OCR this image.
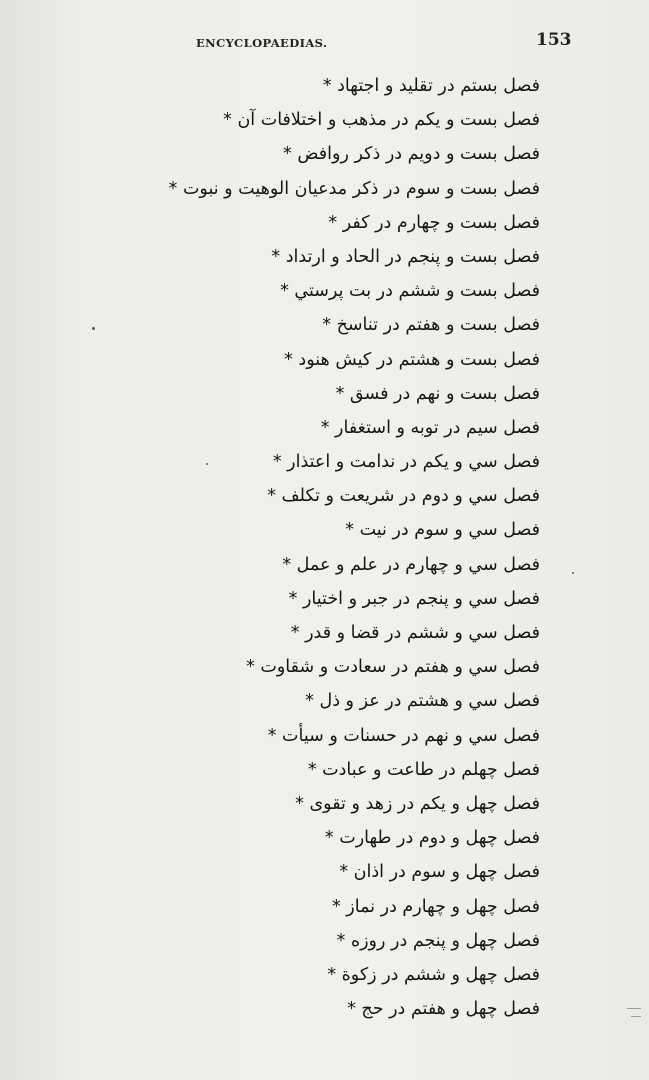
ENCYCLOPAEDIAS.	153
فصل بستم در تقليد و اجتهاد *
فصل بست و يكم در مذهب و اختلافات آن *
فصل بست و دويم در ذكر روافض *
فصل بست و سوم در ذكر مدعيان الوهيت و نبوت *
فصل بست و چهارم در كفر *
فصل بست و پنجم در الحاد و ارتداد *
فصل بست و ششم در بت پرستي *
فصل بست و هفتم در تناسخ *
فصل بست و هشتم در كيش هنود *
فصل بست و نهم در فسق *
فصل سيم در توبه و استغفار *
فصل سي و يكم در ندامت و اعتذار *
فصل سي و دوم در شريعت و تكلف *
فصل سي و سوم در نيت *
فصل سي و چهارم در علم و عمل *
فصل سي و پنجم در جبر و اختيار *
فصل سي و ششم در قضا و قدر *
فصل سي و هفتم در سعادت و شقاوت *
فصل سي و هشتم در عز و ذل *
فصل سي و نهم در حسنات و سيأت *
فصل چهلم در طاعت و عبادت *
فصل چهل و يكم در زهد و تقوى *
فصل چهل و دوم در طهارت *
فصل چهل و سوم در اذان *
فصل چهل و چهارم در نماز *
فصل چهل و پنجم در روزه *
فصل چهل و ششم در زكوة *
فصل چهل و هفتم در حج *
